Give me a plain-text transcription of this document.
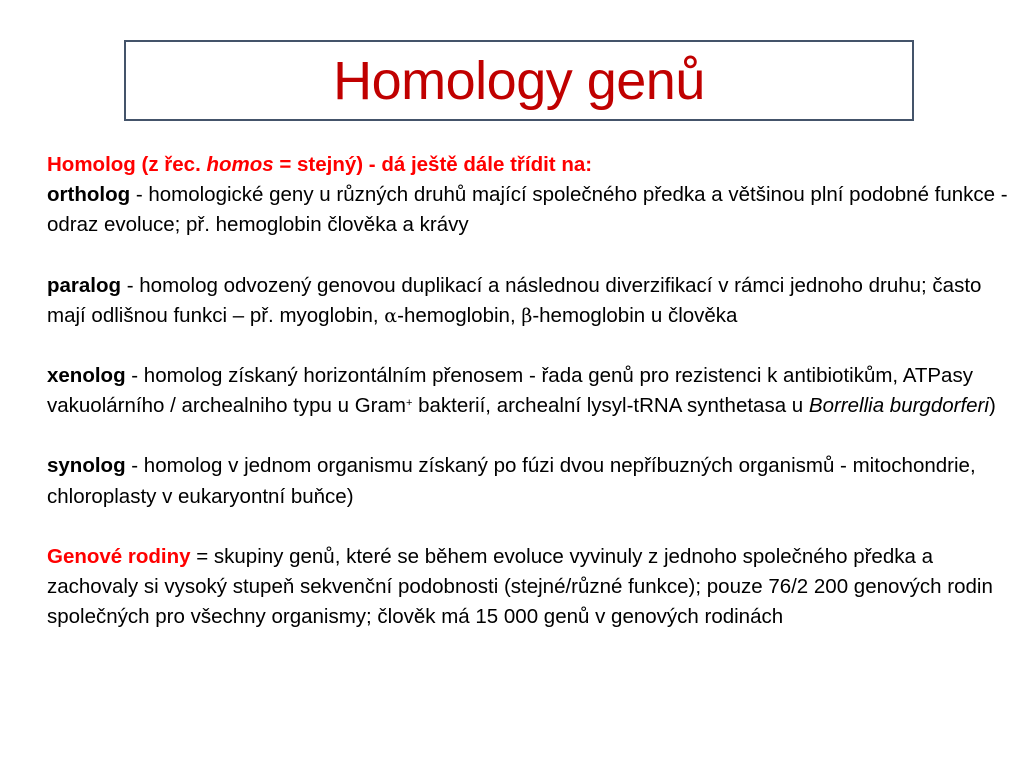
Homology genů

Homolog (z řec. homos = stejný) - dá ještě dále třídit na:
ortholog - homologické geny u různých druhů mající společného předka a většinou plní podobné funkce - odraz evoluce; př. hemoglobin člověka a krávy

paralog - homolog odvozený genovou duplikací a následnou diverzifikací v rámci jednoho druhu; často mají odlišnou funkci – př. myoglobin, α-hemoglobin, β-hemoglobin u člověka

xenolog - homolog získaný horizontálním přenosem - řada genů pro rezistenci k antibiotikům, ATPasy vakuolárního / archealniho typu u Gram+ bakterií, archealní lysyl-tRNA synthetasa u Borrellia burgdorferi)

synolog - homolog v jednom organismu získaný po fúzi dvou nepříbuzných organismů - mitochondrie, chloroplasty v eukaryontní buňce)

Genové rodiny = skupiny genů, které se během evoluce vyvinuly z jednoho společného předka a zachovaly si vysoký stupeň sekvenční podobnosti (stejné/různé funkce); pouze 76/2 200 genových rodin společných pro všechny organismy; člověk má 15 000 genů v genových rodinách
